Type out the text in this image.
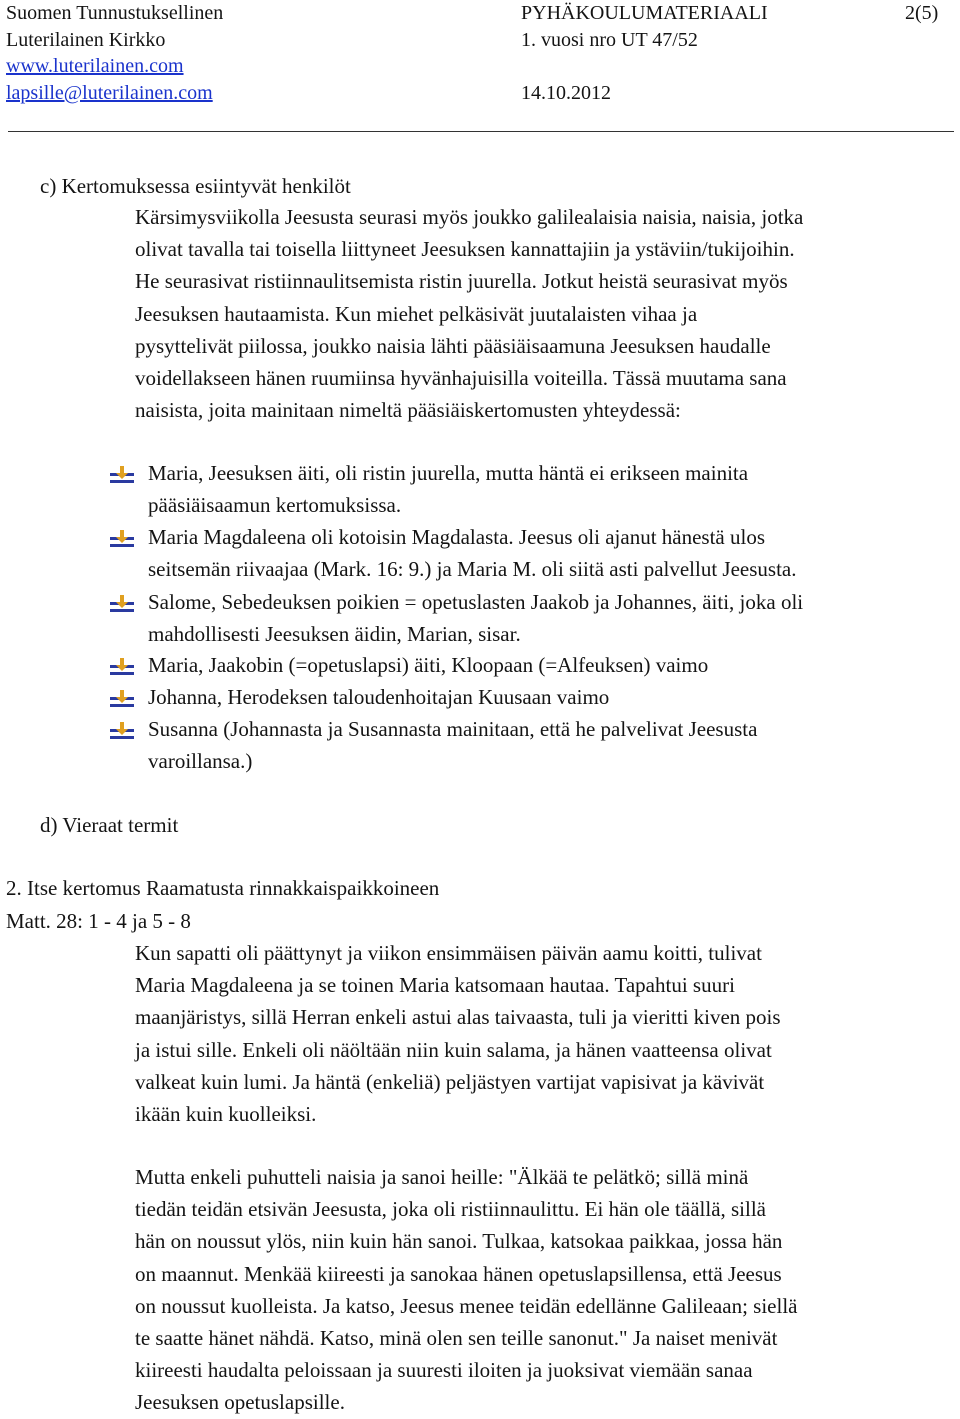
Suomen Tunnustuksellinen
Luterilainen Kirkko
www.luterilainen.com
lapsille@luterilainen.com
PYHÄKOULUMATERIAALI
1. vuosi nro UT 47/52
14.10.2012
2(5)
c) Kertomuksessa esiintyvät henkilöt
Kärsimysviikolla Jeesusta seurasi myös joukko galilealaisia naisia, naisia, jotka
olivat tavalla tai toisella liittyneet Jeesuksen kannattajiin ja ystäviin/tukijoihin.
He seurasivat ristiinnaulitsemista ristin juurella. Jotkut heistä seurasivat myös
Jeesuksen hautaamista. Kun miehet pelkäsivät juutalaisten vihaa ja
pysyttelivät piilossa, joukko naisia lähti pääsiäisaamuna Jeesuksen haudalle
voidellakseen hänen ruumiinsa hyvänhajuisilla voiteilla. Tässä muutama sana
naisista, joita mainitaan nimeltä pääsiäiskertomusten yhteydessä:
Maria, Jeesuksen äiti, oli ristin juurella, mutta häntä ei erikseen mainita
pääsiäisaamun kertomuksissa.
Maria Magdaleena oli kotoisin Magdalasta. Jeesus oli ajanut hänestä ulos
seitsemän riivaajaa (Mark. 16: 9.) ja Maria M. oli siitä asti palvellut Jeesusta.
Salome, Sebedeuksen poikien = opetuslasten Jaakob ja Johannes, äiti, joka oli
mahdollisesti Jeesuksen äidin, Marian, sisar.
Maria, Jaakobin (=opetuslapsi) äiti, Kloopaan (=Alfeuksen) vaimo
Johanna, Herodeksen taloudenhoitajan Kuusaan vaimo
Susanna (Johannasta ja Susannasta mainitaan, että he palvelivat Jeesusta
varoillansa.)
d) Vieraat termit
2. Itse kertomus Raamatusta rinnakkaispaikkoineen
Matt. 28: 1 - 4 ja 5 - 8
Kun sapatti oli päättynyt ja viikon ensimmäisen päivän aamu koitti, tulivat
Maria Magdaleena ja se toinen Maria katsomaan hautaa. Tapahtui suuri
maanjäristys, sillä Herran enkeli astui alas taivaasta, tuli ja vieritti kiven pois
ja istui sille. Enkeli oli näöltään niin kuin salama, ja hänen vaatteensa olivat
valkeat kuin lumi. Ja häntä (enkeliä) peljästyen vartijat vapisivat ja kävivät
ikään kuin kuolleiksi.
Mutta enkeli puhutteli naisia ja sanoi heille: "Älkää te pelätkö; sillä minä
tiedän teidän etsivän Jeesusta, joka oli ristiinnaulittu. Ei hän ole täällä, sillä
hän on noussut ylös, niin kuin hän sanoi. Tulkaa, katsokaa paikkaa, jossa hän
on maannut. Menkää kiireesti ja sanokaa hänen opetuslapsillensa, että Jeesus
on noussut kuolleista. Ja katso, Jeesus menee teidän edellänne Galileaan; siellä
te saatte hänet nähdä. Katso, minä olen sen teille sanonut." Ja naiset menivät
kiireesti haudalta peloissaan ja suuresti iloiten ja juoksivat viemään sanaa
Jeesuksen opetuslapsille.
